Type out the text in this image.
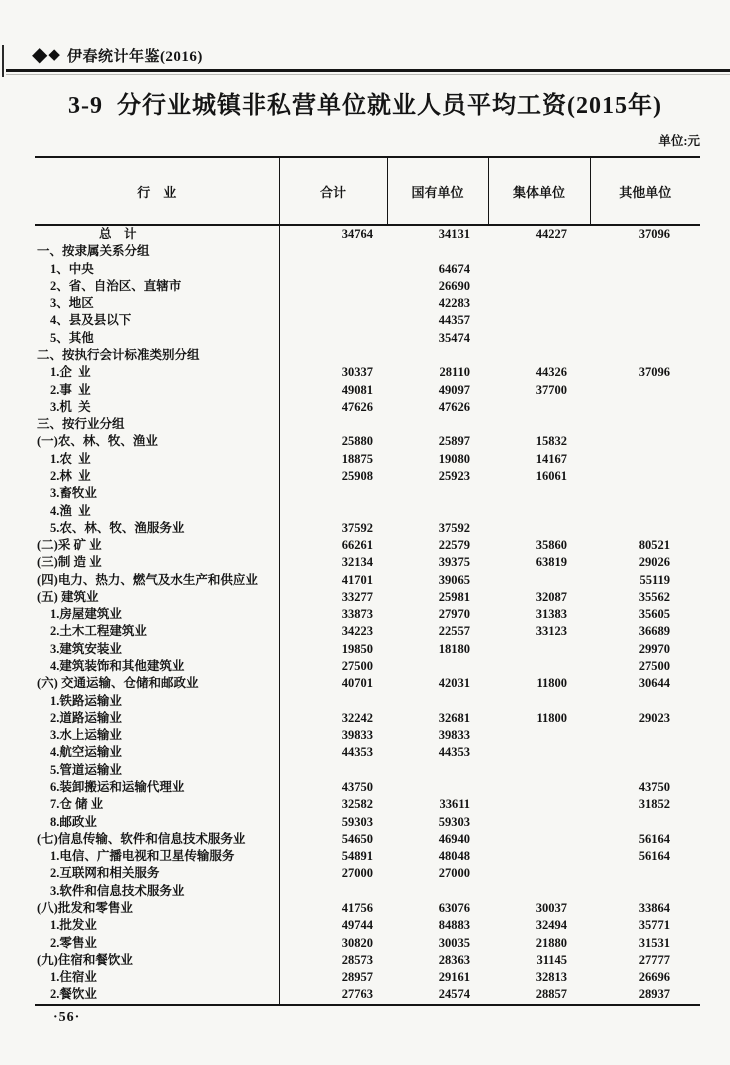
◆ ◆ 伊春统计年鉴(2016)
3-9  分行业城镇非私营单位就业人员平均工资(2015年)
单位:元
行    业	合计	国有单位	集体单位	其他单位
总    计	34764	34131	44227	37096
一、按隶属关系分组				
1、中央		64674		
2、省、自治区、直辖市		26690		
3、地区		42283		
4、县及县以下		44357		
5、其他		35474		
二、按执行会计标准类别分组				
1.企  业	30337	28110	44326	37096
2.事  业	49081	49097	37700	
3.机  关	47626	47626		
三、按行业分组				
(一)农、林、牧、渔业	25880	25897	15832	
1.农  业	18875	19080	14167	
2.林  业	25908	25923	16061	
3.畜牧业				
4.渔  业				
5.农、林、牧、渔服务业	37592	37592		
(二)采 矿 业	66261	22579	35860	80521
(三)制 造 业	32134	39375	63819	29026
(四)电力、热力、燃气及水生产和供应业	41701	39065		55119
(五) 建筑业	33277	25981	32087	35562
1.房屋建筑业	33873	27970	31383	35605
2.土木工程建筑业	34223	22557	33123	36689
3.建筑安装业	19850	18180		29970
4.建筑装饰和其他建筑业	27500			27500
(六) 交通运输、仓储和邮政业	40701	42031	11800	30644
1.铁路运输业				
2.道路运输业	32242	32681	11800	29023
3.水上运输业	39833	39833		
4.航空运输业	44353	44353		
5.管道运输业				
6.装卸搬运和运输代理业	43750			43750
7.仓 储 业	32582	33611		31852
8.邮政业	59303	59303		
(七)信息传输、软件和信息技术服务业	54650	46940		56164
1.电信、广播电视和卫星传输服务	54891	48048		56164
2.互联网和相关服务	27000	27000		
3.软件和信息技术服务业				
(八)批发和零售业	41756	63076	30037	33864
1.批发业	49744	84883	32494	35771
2.零售业	30820	30035	21880	31531
(九)住宿和餐饮业	28573	28363	31145	27777
1.住宿业	28957	29161	32813	26696
2.餐饮业	27763	24574	28857	28937
·56·
